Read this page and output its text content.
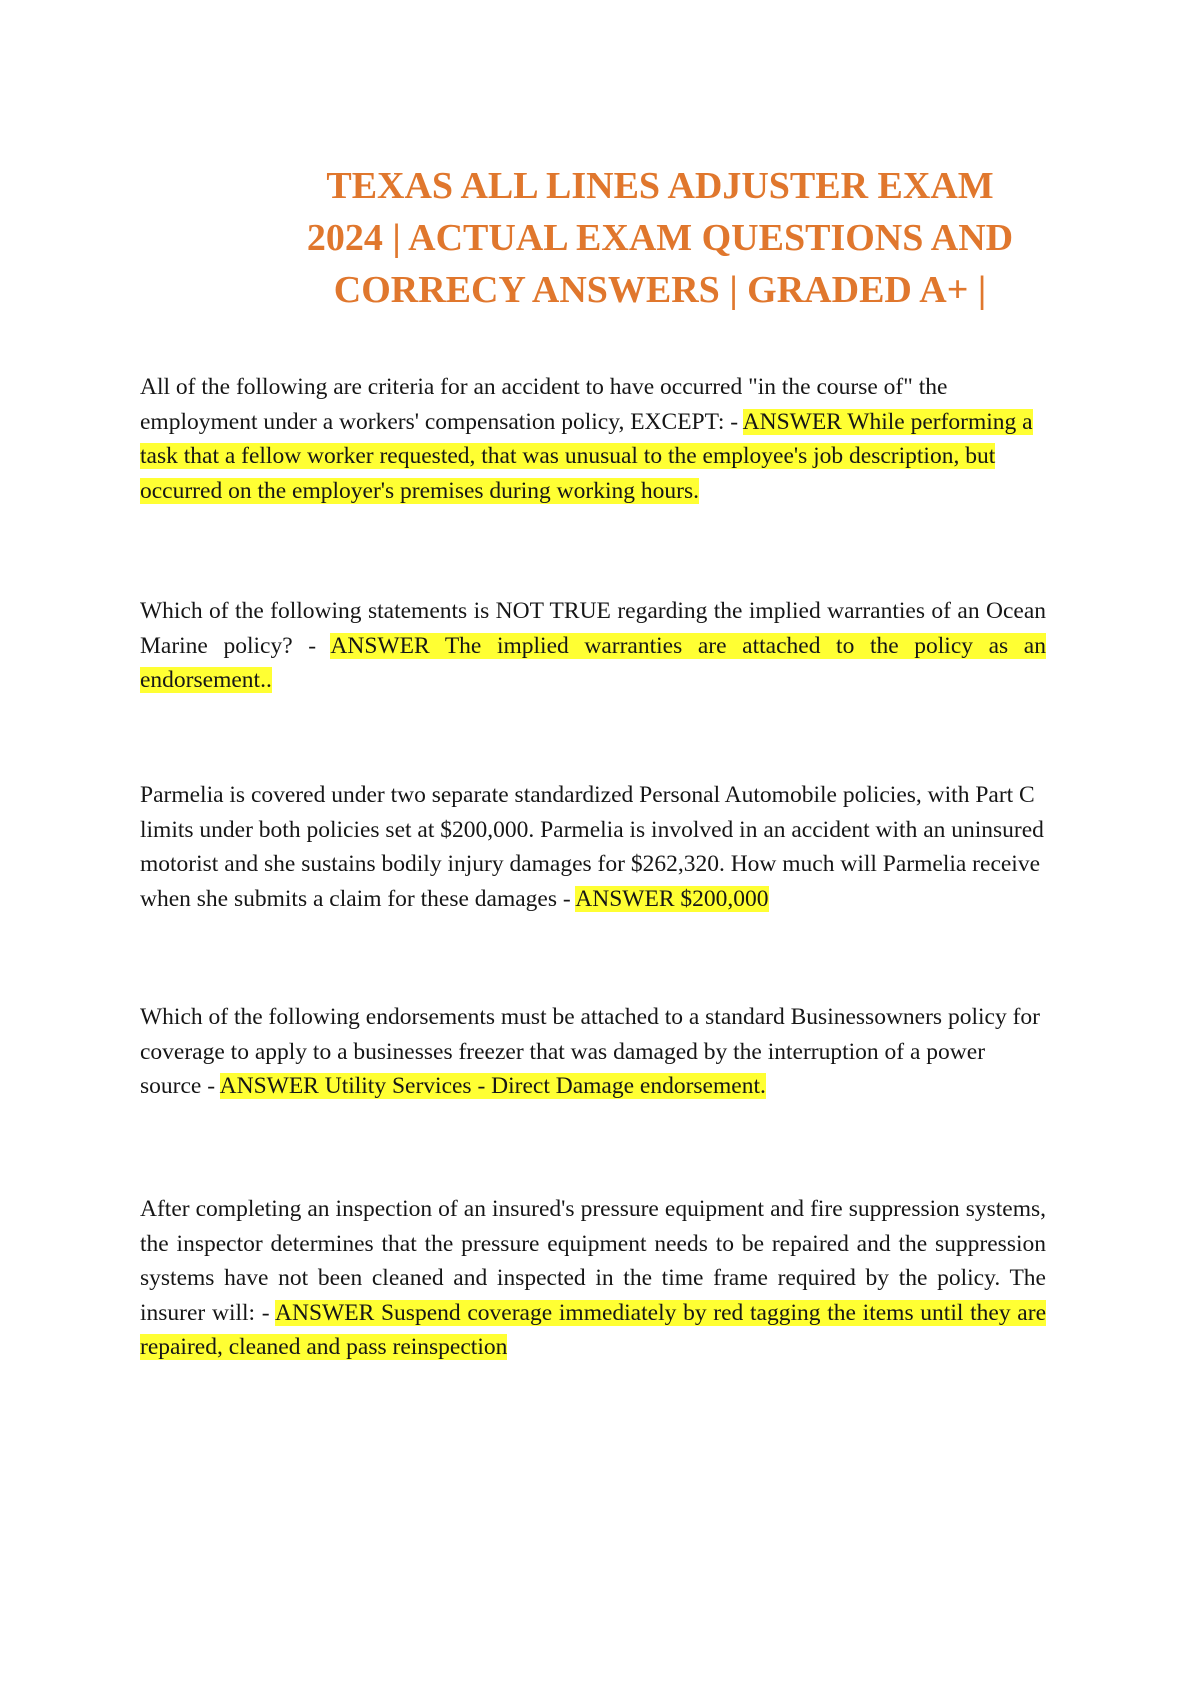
TEXAS ALL LINES ADJUSTER EXAM 2024 | ACTUAL EXAM QUESTIONS AND CORRECY ANSWERS | GRADED A+ |

All of the following are criteria for an accident to have occurred "in the course of" the employment under a workers' compensation policy, EXCEPT: - ANSWER While performing a task that a fellow worker requested, that was unusual to the employee's job description, but occurred on the employer's premises during working hours.

Which of the following statements is NOT TRUE regarding the implied warranties of an Ocean Marine policy? - ANSWER The implied warranties are attached to the policy as an endorsement..

Parmelia is covered under two separate standardized Personal Automobile policies, with Part C limits under both policies set at $200,000. Parmelia is involved in an accident with an uninsured motorist and she sustains bodily injury damages for $262,320. How much will Parmelia receive when she submits a claim for these damages - ANSWER $200,000

Which of the following endorsements must be attached to a standard Businessowners policy for coverage to apply to a businesses freezer that was damaged by the interruption of a power source - ANSWER Utility Services - Direct Damage endorsement.

After completing an inspection of an insured's pressure equipment and fire suppression systems, the inspector determines that the pressure equipment needs to be repaired and the suppression systems have not been cleaned and inspected in the time frame required by the policy. The insurer will: - ANSWER Suspend coverage immediately by red tagging the items until they are repaired, cleaned and pass reinspection
